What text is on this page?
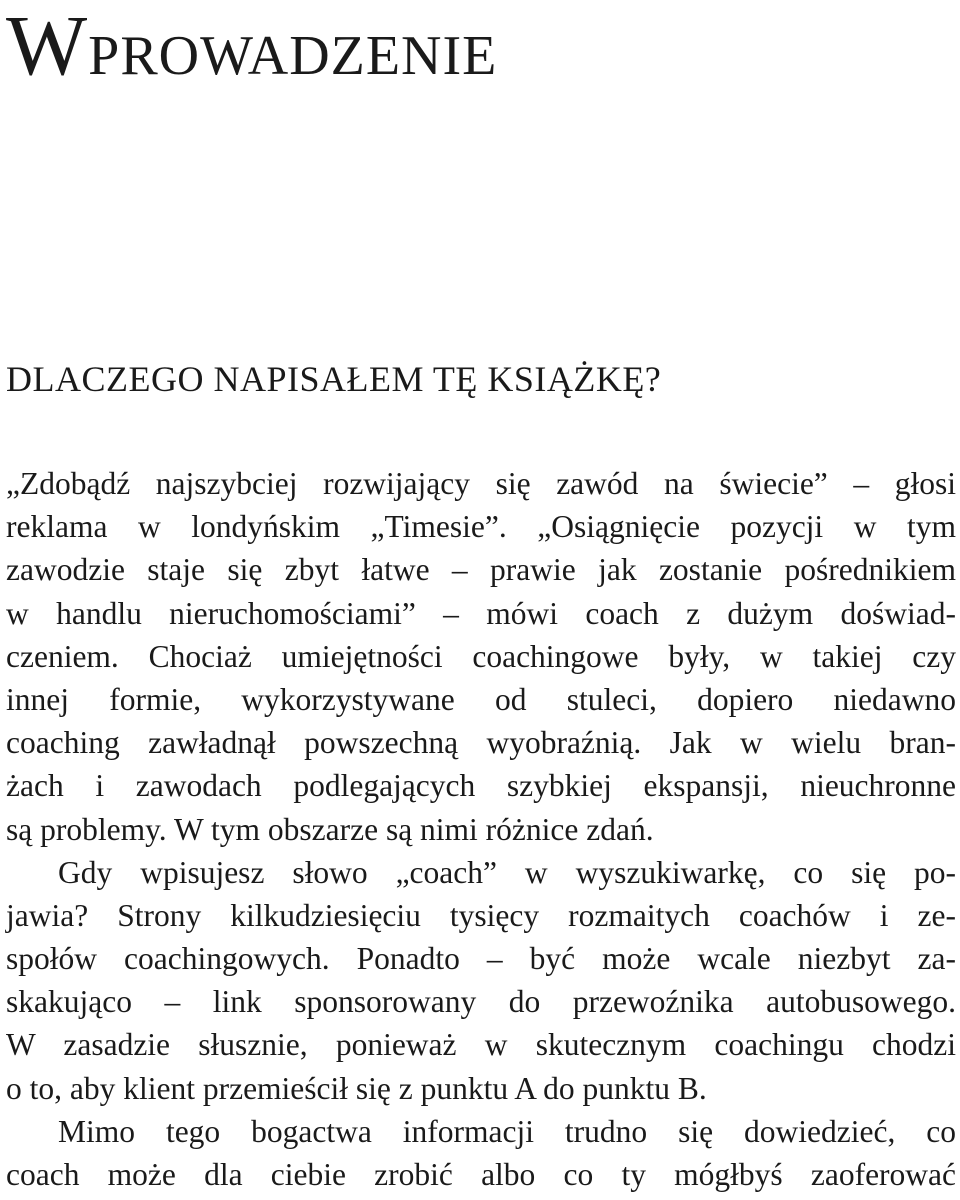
WPROWADZENIE
DLACZEGO NAPISAŁEM TĘ KSIĄŻKĘ?
„Zdobądź najszybciej rozwijający się zawód na świecie” – głosi
reklama w londyńskim „Timesie”. „Osiągnięcie pozycji w tym
zawodzie staje się zbyt łatwe – prawie jak zostanie pośrednikiem
w handlu nieruchomościami” – mówi coach z dużym doświad-
czeniem. Chociaż umiejętności coachingowe były, w takiej czy
innej formie, wykorzystywane od stuleci, dopiero niedawno
coaching zawładnął powszechną wyobraźnią. Jak w wielu bran-
żach i zawodach podlegających szybkiej ekspansji, nieuchronne
są problemy. W tym obszarze są nimi różnice zdań.
Gdy wpisujesz słowo „coach” w wyszukiwarkę, co się po-
jawia? Strony kilkudziesięciu tysięcy rozmaitych coachów i ze-
społów coachingowych. Ponadto – być może wcale niezbyt za-
skakująco – link sponsorowany do przewoźnika autobusowego.
W zasadzie słusznie, ponieważ w skutecznym coachingu chodzi
o to, aby klient przemieścił się z punktu A do punktu B.
Mimo tego bogactwa informacji trudno się dowiedzieć, co
coach może dla ciebie zrobić albo co ty mógłbyś zaoferować
